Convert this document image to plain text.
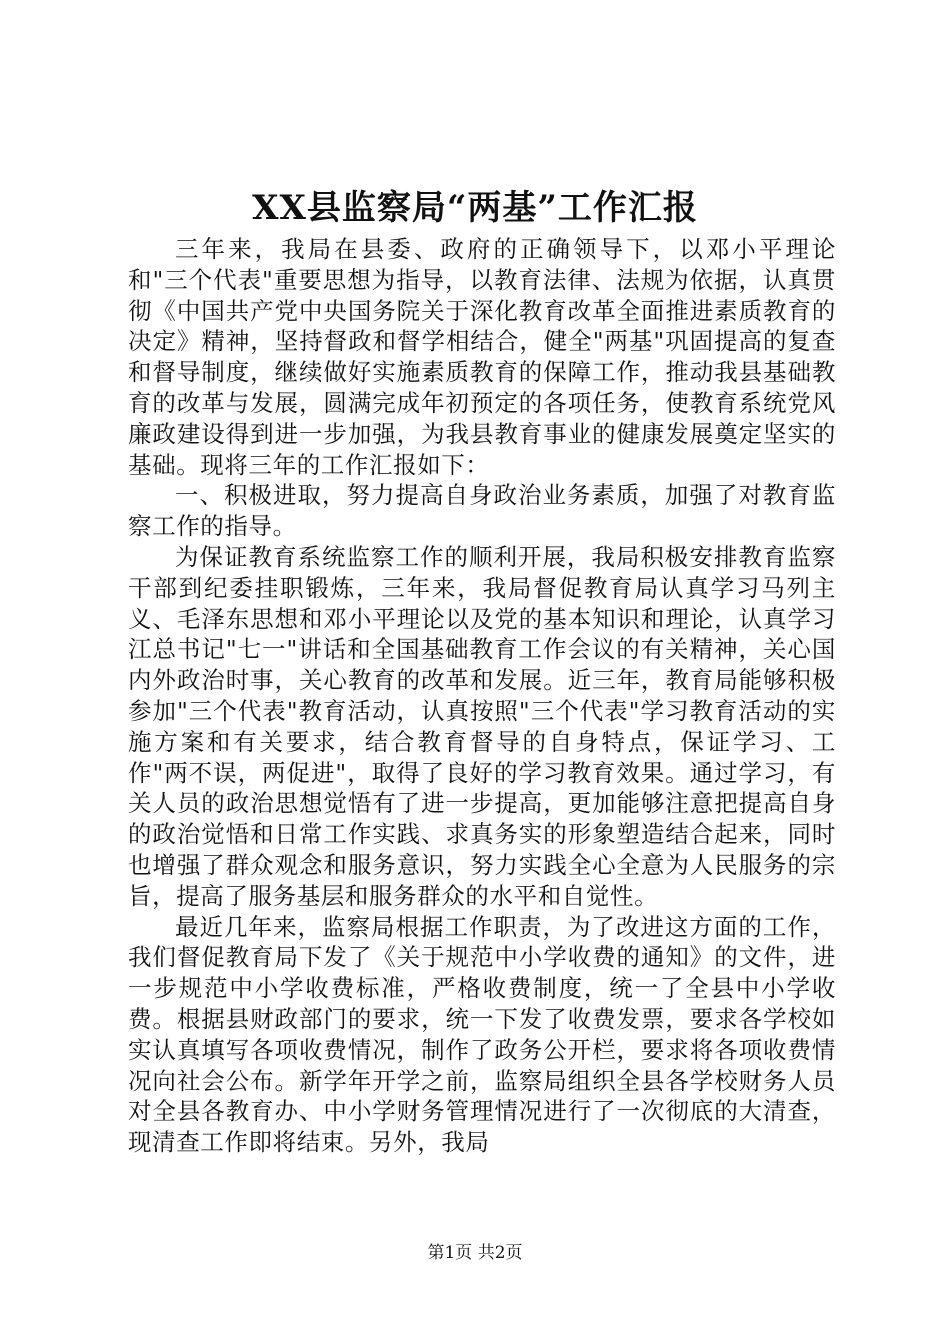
XX县监察局“两基”工作汇报

三年来，我局在县委、政府的正确领导下，以邓小平理论和"三个代表"重要思想为指导，以教育法律、法规为依据，认真贯彻《中国共产党中央国务院关于深化教育改革全面推进素质教育的决定》精神，坚持督政和督学相结合，健全"两基"巩固提高的复查和督导制度，继续做好实施素质教育的保障工作，推动我县基础教育的改革与发展，圆满完成年初预定的各项任务，使教育系统党风廉政建设得到进一步加强，为我县教育事业的健康发展奠定坚实的基础。现将三年的工作汇报如下：

一、积极进取，努力提高自身政治业务素质，加强了对教育监察工作的指导。

为保证教育系统监察工作的顺利开展，我局积极安排教育监察干部到纪委挂职锻炼，三年来，我局督促教育局认真学习马列主义、毛泽东思想和邓小平理论以及党的基本知识和理论，认真学习江总书记"七一"讲话和全国基础教育工作会议的有关精神，关心国内外政治时事，关心教育的改革和发展。近三年，教育局能够积极参加"三个代表"教育活动，认真按照"三个代表"学习教育活动的实施方案和有关要求，结合教育督导的自身特点，保证学习、工作"两不误，两促进"，取得了良好的学习教育效果。通过学习，有关人员的政治思想觉悟有了进一步提高，更加能够注意把提高自身的政治觉悟和日常工作实践、求真务实的形象塑造结合起来，同时也增强了群众观念和服务意识，努力实践全心全意为人民服务的宗旨，提高了服务基层和服务群众的水平和自觉性。

最近几年来，监察局根据工作职责，为了改进这方面的工作，我们督促教育局下发了《关于规范中小学收费的通知》的文件，进一步规范中小学收费标准，严格收费制度，统一了全县中小学收费。根据县财政部门的要求，统一下发了收费发票，要求各学校如实认真填写各项收费情况，制作了政务公开栏，要求将各项收费情况向社会公布。新学年开学之前，监察局组织全县各学校财务人员对全县各教育办、中小学财务管理情况进行了一次彻底的大清查，现清查工作即将结束。另外，我局

第1页 共2页
